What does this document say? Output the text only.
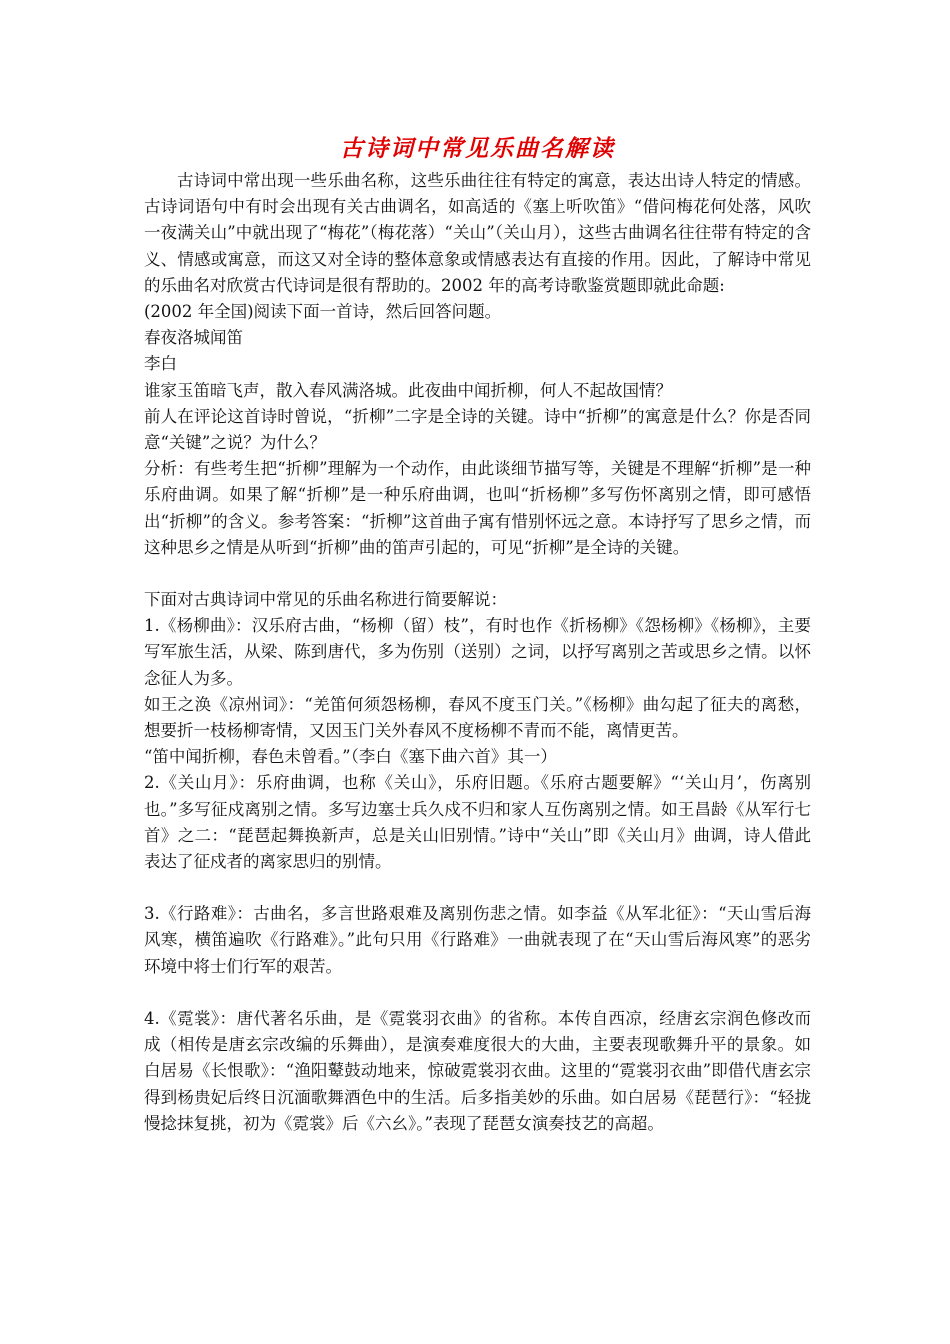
古诗词中常见乐曲名解读

古诗词中常出现一些乐曲名称，这些乐曲往往有特定的寓意，表达出诗人特定的情感。古诗词语句中有时会出现有关古曲调名，如高适的《塞上听吹笛》“借问梅花何处落，风吹一夜满关山”中就出现了“梅花”（梅花落）“关山”（关山月），这些古曲调名往往带有特定的含义、情感或寓意，而这又对全诗的整体意象或情感表达有直接的作用。因此，了解诗中常见的乐曲名对欣赏古代诗词是很有帮助的。2002 年的高考诗歌鉴赏题即就此命题:

(2002 年全国)阅读下面一首诗，然后回答问题。

春夜洛城闻笛

李白

谁家玉笛暗飞声，散入春风满洛城。此夜曲中闻折柳，何人不起故国情？

前人在评论这首诗时曾说，“折柳”二字是全诗的关键。诗中“折柳”的寓意是什么？你是否同意“关键”之说？为什么？

分析：有些考生把“折柳”理解为一个动作，由此谈细节描写等，关键是不理解“折柳”是一种乐府曲调。如果了解“折柳”是一种乐府曲调，也叫“折杨柳”多写伤怀离别之情，即可感悟出“折柳”的含义。参考答案：“折柳”这首曲子寓有惜别怀远之意。本诗抒写了思乡之情，而这种思乡之情是从听到“折柳”曲的笛声引起的，可见“折柳”是全诗的关键。

下面对古典诗词中常见的乐曲名称进行简要解说：

1.《杨柳曲》：汉乐府古曲，“杨柳（留）枝”，有时也作《折杨柳》《怨杨柳》《杨柳》，主要写军旅生活，从梁、陈到唐代，多为伤别（送别）之词，以抒写离别之苦或思乡之情。以怀念征人为多。

如王之涣《凉州词》：“羌笛何须怨杨柳，春风不度玉门关。”《杨柳》曲勾起了征夫的离愁，想要折一枝杨柳寄情，又因玉门关外春风不度杨柳不青而不能，离情更苦。

“笛中闻折柳，春色未曾看。”（李白《塞下曲六首》其一）

2.《关山月》：乐府曲调，也称《关山》，乐府旧题。《乐府古题要解》“‘关山月’，伤离别也。”多写征戍离别之情。多写边塞士兵久戍不归和家人互伤离别之情。如王昌龄《从军行七首》之二：“琵琶起舞换新声，总是关山旧别情。”诗中“关山”即《关山月》曲调，诗人借此表达了征戍者的离家思归的别情。

3.《行路难》：古曲名，多言世路艰难及离别伤悲之情。如李益《从军北征》：“天山雪后海风寒，横笛遍吹《行路难》。”此句只用《行路难》一曲就表现了在“天山雪后海风寒”的恶劣环境中将士们行军的艰苦。

4.《霓裳》：唐代著名乐曲，是《霓裳羽衣曲》的省称。本传自西凉，经唐玄宗润色修改而成（相传是唐玄宗改编的乐舞曲），是演奏难度很大的大曲，主要表现歌舞升平的景象。如白居易《长恨歌》：“渔阳鼙鼓动地来，惊破霓裳羽衣曲。这里的“霓裳羽衣曲”即借代唐玄宗得到杨贵妃后终日沉湎歌舞酒色中的生活。后多指美妙的乐曲。如白居易《琵琶行》：“轻拢慢捻抹复挑，初为《霓裳》后《六幺》。”表现了琵琶女演奏技艺的高超。
